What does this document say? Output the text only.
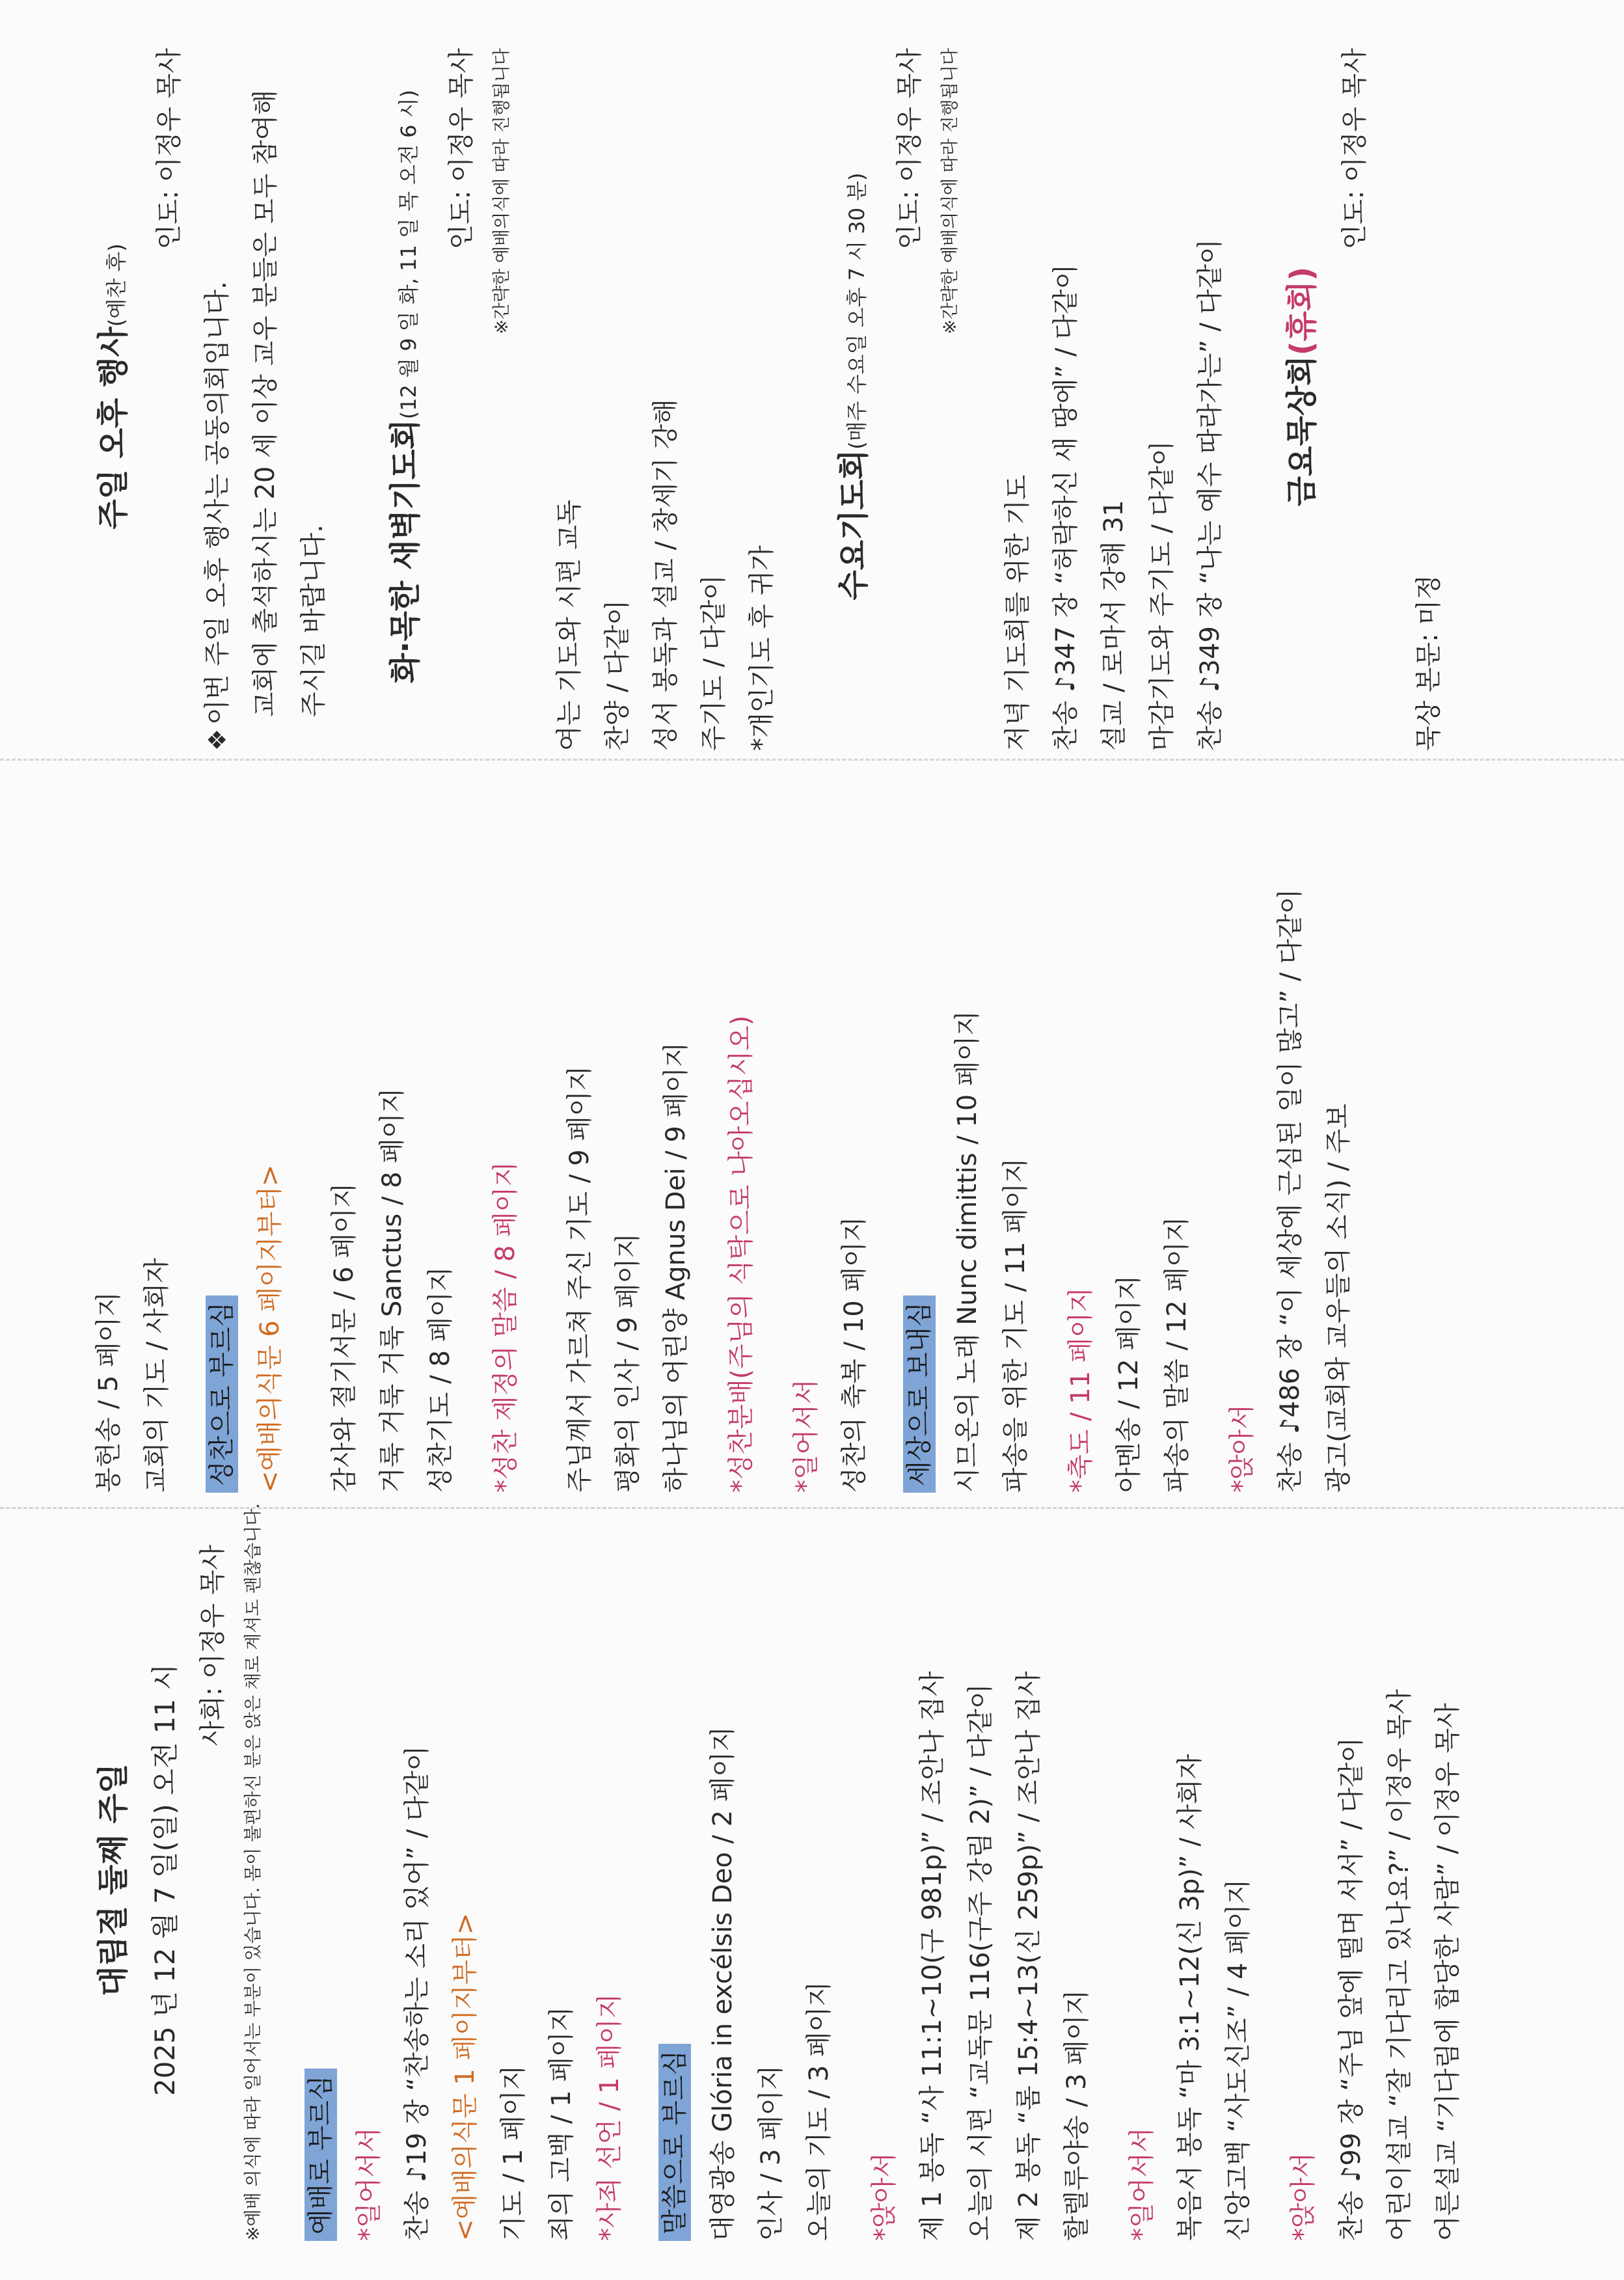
대림절 둘째 주일 2025 년 12 월 7 일(일) 오전 11 시
사회: 이정우 목사 ※예배 의식에 따라 일어서는 부분이 있습니다. 몸이 불편하신 분은 앉은 채로 계셔도 괜찮습니다.	예배로 부르심 *일어서서 찬송 ♪19 장 “찬송하는 소리 있어” / 다같이 <예배의식문 1 페이지부터> 기도 / 1 페이지 죄의 고백 / 1 페이지 *사죄 선언 / 1 페이지	말씀으로 부르심 대영광송 Glória in excélsis Deo / 2 페이지 인사 / 3 페이지 오늘의 기도 / 3 페이지	*앉아서 제 1 봉독 “사 11:1~10(구 981p)” / 조안나 집사 오늘의 시편 “교독문 116(구주 강림 2)” / 다같이 제 2 봉독 “롬 15:4~13(신 259p)” / 조안나 집사 할렐루야송 / 3 페이지	*일어서서 복음서 봉독 “마 3:1~12(신 3p)” / 사회자 신앙고백 “사도신조” / 4 페이지	*앉아서 찬송 ♪99 장 “주님 앞에 떨며 서서” / 다같이 어린이설교 “잘 기다리고 있나요?” / 이정우 목사 어른설교 “기다림에 합당한 사람” / 이정우 목사
봉헌송 / 5 페이지 교회의 기도 / 사회자	성찬으로 부르심 <예배의식문 6 페이지부터>	감사와 절기서문 / 6 페이지 거룩 거룩 거룩 Sanctus / 8 페이지 성찬기도 / 8 페이지	*성찬 제정의 말씀 / 8 페이지	주님께서 가르쳐 주신 기도 / 9 페이지 평화의 인사 / 9 페이지 하나님의 어린양 Agnus Dei / 9 페이지	*성찬분배(주님의 식탁으로 나아오십시오)	*일어서서 성찬의 축복 / 10 페이지	세상으로 보내심 시므온의 노래 Nunc dimittis / 10 페이지 파송을 위한 기도 / 11 페이지	*축도 / 11 페이지 아멘송 / 12 페이지 파송의 말씀 / 12 페이지	*앉아서 찬송 ♪486 장 “이 세상에 근심된 일이 많고” / 다같이 광고(교회와 교우들의 소식) / 주보
주일 오후 행사(예찬 후)
인도: 이정우 목사
❖이번 주일 오후 행사는 공동의회입니다. 교회에 출석하시는 20 세 이상 교우 분들은 모두 참여해 주시길 바랍니다.	화·목한 새벽기도회(12 월 9 일 화, 11 일 목 오전 6 시) 인도: 이정우 목사 ※간략한 예배의식에 따라 진행됩니다
여는 기도와 시편 교독 찬양 / 다같이 성서 봉독과 설교 / 창세기 강해 주기도 / 다같이 *개인기도 후 귀가
수요기도회(매주 수요일 오후 7 시 30 분)
인도: 이정우 목사 ※간략한 예배의식에 따라 진행됩니다
저녁 기도회를 위한 기도 찬송 ♪347 장 “허락하신 새 땅에” / 다같이 설교 / 로마서 강해 31 마감기도와 주기도 / 다같이 찬송 ♪349 장 “나는 예수 따라가는” / 다같이	금요묵상회(휴회)
인도: 이정우 목사
묵상 본문: 미정
